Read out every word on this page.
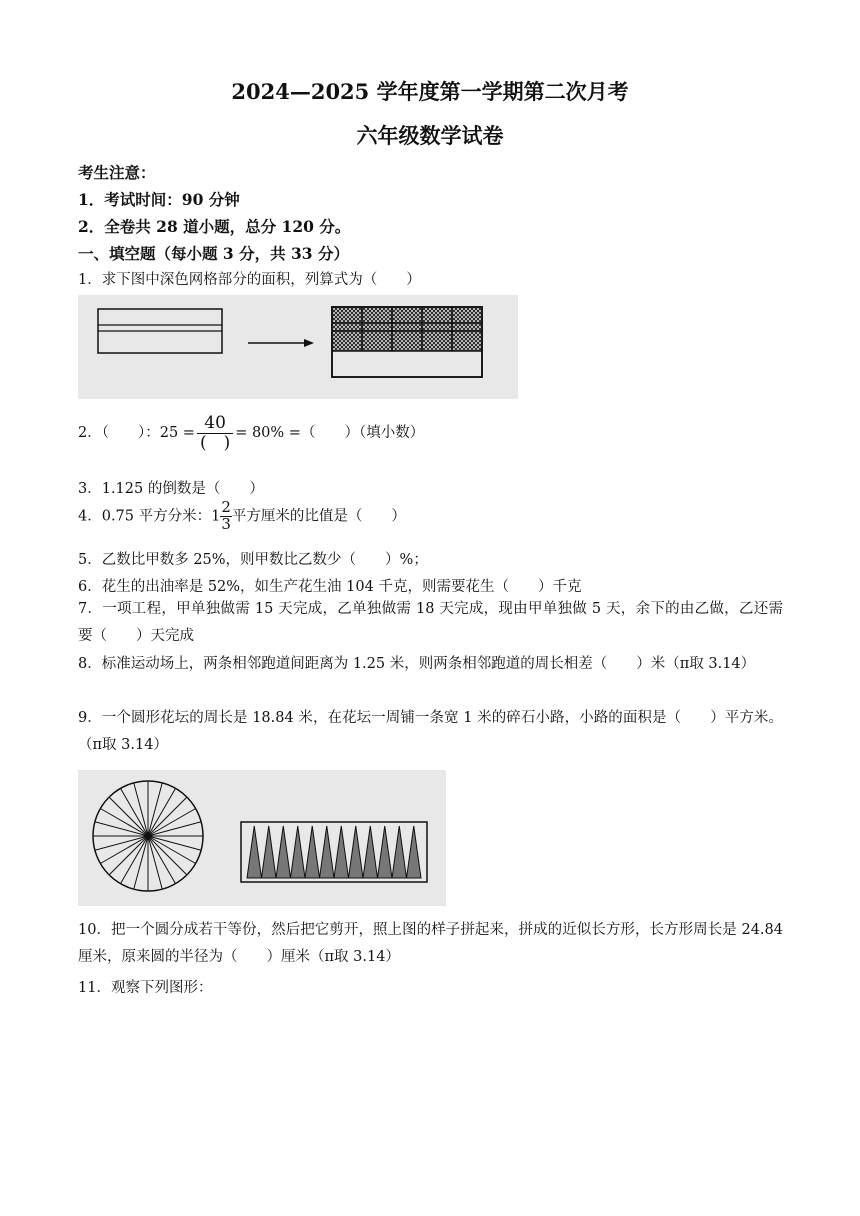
2024—2025 学年度第一学期第二次月考
六年级数学试卷
考生注意：
1．考试时间：90 分钟
2．全卷共 28 道小题，总分 120 分。
一、填空题（每小题 3 分，共 33 分）
1．求下图中深色网格部分的面积，列算式为（　　）
2．（　　）：$25 = \frac{40}{( )} = 80\%$ =（　　）（填小数）
3．1.125 的倒数是（　　）
4．0.75 平方分米：$1 \frac{2}{3}$ 平方厘米的比值是（　　）
5．乙数比甲数多 25%，则甲数比乙数少（　　）%；
6．花生的出油率是 52%，如生产花生油 104 千克，则需要花生（　　）千克
7．一项工程，甲单独做需 15 天完成，乙单独做需 18 天完成，现由甲单独做 5 天，余下的由乙做，乙还需要（　　）天完成
8．标准运动场上，两条相邻跑道间距离为 1.25 米，则两条相邻跑道的周长相差（　　）米（π取 3.14）
9．一个圆形花坛的周长是 18.84 米，在花坛一周铺一条宽 1 米的碎石小路，小路的面积是（　　）平方米。（π取 3.14）
10．把一个圆分成若干等份，然后把它剪开，照上图的样子拼起来，拼成的近似长方形，长方形周长是 24.84 厘米，原来圆的半径为（　　）厘米（π取 3.14）
11．观察下列图形：
